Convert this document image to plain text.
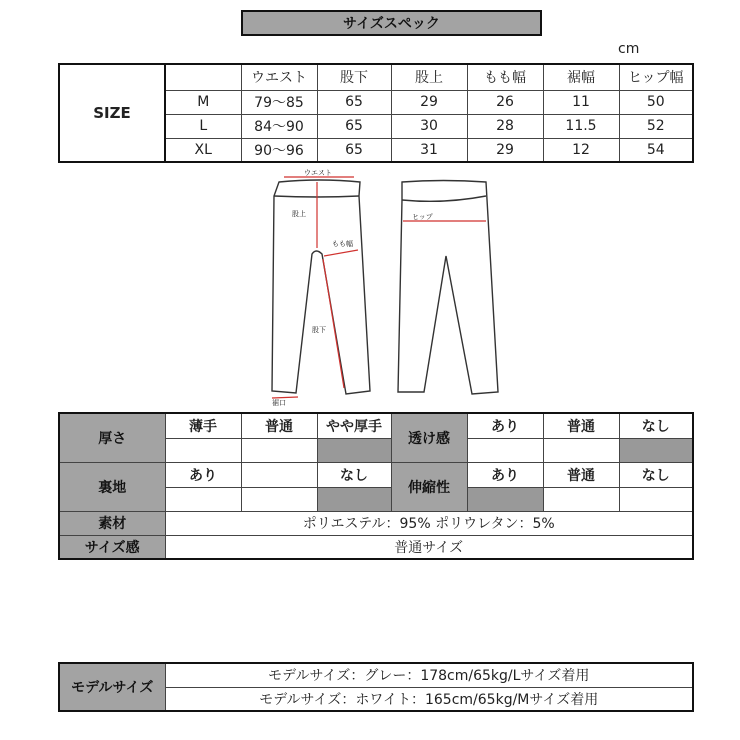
サイズスペック
cm
SIZE		ウエスト	股下	股上	もも幅	裾幅	ヒップ幅
	M	79〜85	65	29	26	11	50
	L	84〜90	65	30	28	11.5	52
	XL	90〜96	65	31	29	12	54
ウエスト
股上
もも幅
股下
裾口
ヒップ
厚さ	薄手	普通	やや厚手	透け感	あり	普通	なし

裏地	あり		なし	伸縮性	あり	普通	なし

素材	ポリエステル：95% ポリウレタン：5%						
サイズ感	普通サイズ						
モデルサイズ	モデルサイズ：グレー：178cm/65kg/Lサイズ着用
モデルサイズ：ホワイト：165cm/65kg/Mサイズ着用
